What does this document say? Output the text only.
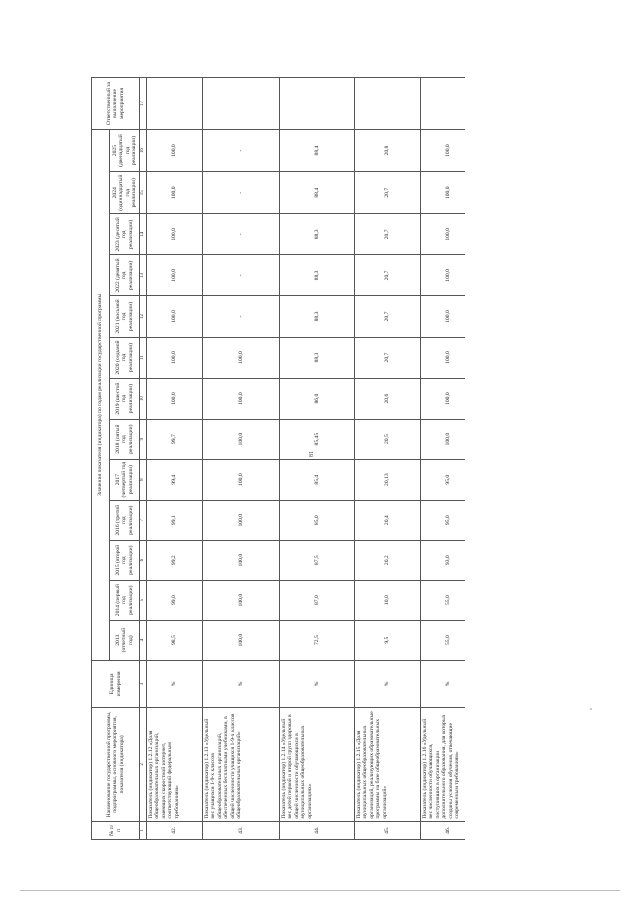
81
№ п/п	Наименование государственной программы, подпрограммы, основного мероприятия, показателя (индикатора)	Единица измерения	Значения показателя (индикатора) по годам реализации государственной программы													Ответственный за выполнение мероприятия
			2013 (отчетный год)	2014 (первый год реализации)	2015 (второй год реализации)	2016 (третий год реализации)	2017 (четвертый год реализации)	2018 (пятый год реализации)	2019 (шестой год реализации)	2020 (седьмой год реализации)	2021 (восьмой год реализации)	2022 (девятый год реализации)	2023 (десятый год реализации)	2024 (одиннадцатый год реализации)	2025 (двенадцатый год реализации)	
1	2	3	4	5	6	7	8	9	10	11	12	13	14	15	16	17
42.	Показатель (индикатор) 1.2.12 «Доля общеобразовательных организаций, имеющих скоростной интернет, соответствующий федеральным требованиям»	%	98,5	99,0	99,2	99,1	99,4	99,7	100,0	100,0	100,0	100,0	100,0	100,0	100,0	
43.	Показатель (индикатор) 1.2.13 «Удельный вес учащихся 1-9-х классов общеобразовательных организаций, обеспеченных бесплатными учебниками, в общей численности учащихся 1-9-х классов общеобразовательных организаций»	%	100,0	100,0	100,0	100,0	100,0	100,0	100,0	100,0	-	-	-	-	-	
44.	Показатель (индикатор) 1.2.14 «Удельный вес детей первой и второй групп здоровья в общей численности обучающихся в муниципальных общеобразовательных организациях»	%	72,5	87,0	87,5	85,0	85,4	85,45	86,0	88,3	88,3	88,3	88,3	88,4	88,4	
45.	Показатель (индикатор) 1.2.15 «Доля муниципальных общеобразовательных организаций, реализующих образовательные программы на базе общеобразовательных организаций»	%	9,5	10,0	20,2	20,4	20,13	20,5	20,6	20,7	20,7	20,7	20,7	20,7	20,8	
46.	Показатель (индикатор) 1.2.16 «Удельный вес численности обучающихся, поступивших в организации дополнительного образования, для которых созданы условия обучения, отвечающие современным требованиям»	%	55,0	55,0	93,0	95,0	95,0	100,0	100,0	100,0	100,0	100,0	100,0	100,0	100,0	
